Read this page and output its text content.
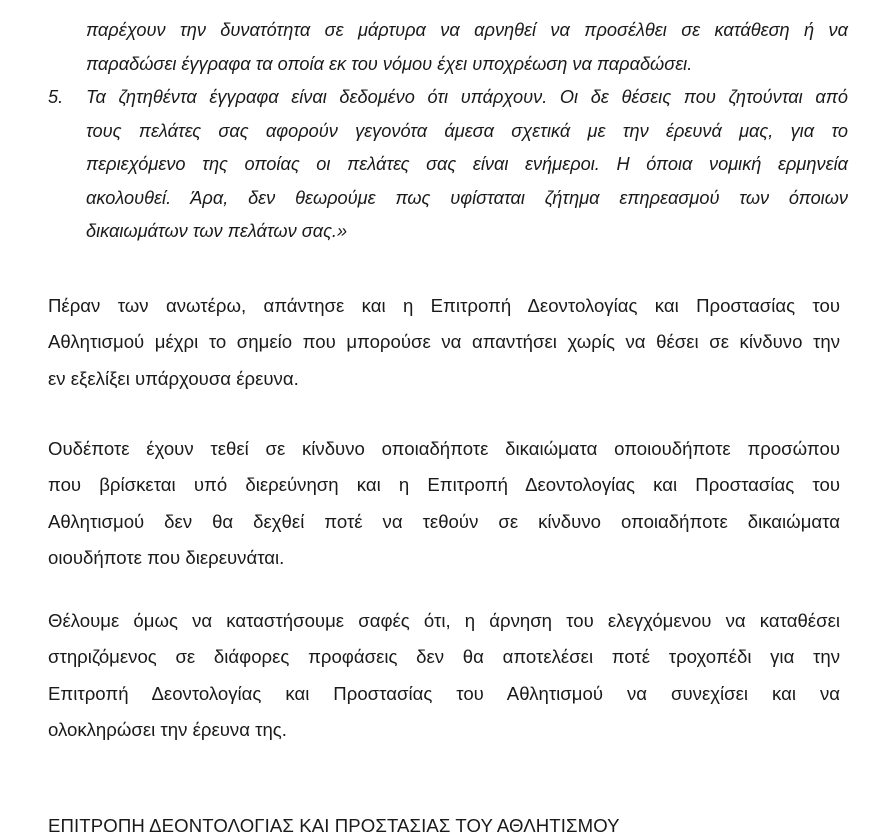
παρέχουν την δυνατότητα σε μάρτυρα να αρνηθεί να προσέλθει σε κατάθεση ή να
παραδώσει έγγραφα τα οποία εκ του νόμου έχει υποχρέωση να παραδώσει.
5.	Τα ζητηθέντα έγγραφα είναι δεδομένο ότι υπάρχουν. Οι δε θέσεις που ζητούνται από
τους πελάτες σας αφορούν γεγονότα άμεσα σχετικά με την έρευνά μας, για το
περιεχόμενο της οποίας οι πελάτες σας είναι ενήμεροι. Η όποια νομική ερμηνεία
ακολουθεί. Άρα, δεν θεωρούμε πως υφίσταται ζήτημα επηρεασμού των όποιων
δικαιωμάτων των πελάτων σας.»
Πέραν των ανωτέρω, απάντησε και η Επιτροπή Δεοντολογίας και Προστασίας του
Αθλητισμού μέχρι το σημείο που μπορούσε να απαντήσει χωρίς να θέσει σε κίνδυνο την
εν εξελίξει υπάρχουσα έρευνα.
Ουδέποτε έχουν τεθεί σε κίνδυνο οποιαδήποτε δικαιώματα οποιουδήποτε προσώπου
που βρίσκεται υπό διερεύνηση και η Επιτροπή Δεοντολογίας και Προστασίας του
Αθλητισμού δεν θα δεχθεί ποτέ να τεθούν σε κίνδυνο οποιαδήποτε δικαιώματα
οιουδήποτε που διερευνάται.
Θέλουμε όμως να καταστήσουμε σαφές ότι, η άρνηση του ελεγχόμενου να καταθέσει
στηριζόμενος σε διάφορες προφάσεις δεν θα αποτελέσει ποτέ τροχοπέδι για την
Επιτροπή Δεοντολογίας και Προστασίας του Αθλητισμού να συνεχίσει και να
ολοκληρώσει την έρευνα της.
ΕΠΙΤΡΟΠΗ ΔΕΟΝΤΟΛΟΓΙΑΣ ΚΑΙ ΠΡΟΣΤΑΣΙΑΣ ΤΟΥ ΑΘΛΗΤΙΣΜΟΥ
